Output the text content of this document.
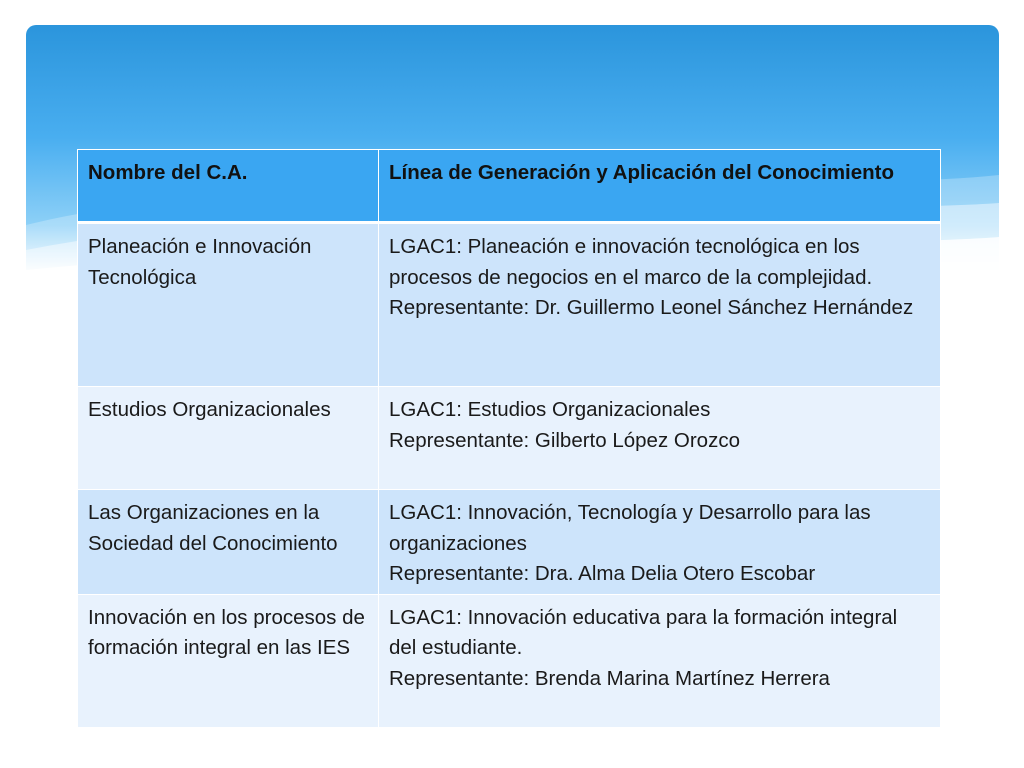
Nombre del C.A.	Línea de Generación y Aplicación del Conocimiento
Planeación e Innovación Tecnológica	LGAC1: Planeación e innovación tecnológica en los procesos de negocios en el marco de la complejidad.
Representante: Dr. Guillermo Leonel Sánchez Hernández

Estudios Organizacionales	LGAC1: Estudios Organizacionales
Representante: Gilberto López Orozco

Las Organizaciones en la Sociedad del Conocimiento	LGAC1: Innovación, Tecnología y Desarrollo para las organizaciones
Representante: Dra. Alma Delia Otero Escobar

Innovación en los procesos de formación integral en las IES	LGAC1: Innovación educativa para la formación integral del estudiante.
Representante: Brenda Marina Martínez Herrera
